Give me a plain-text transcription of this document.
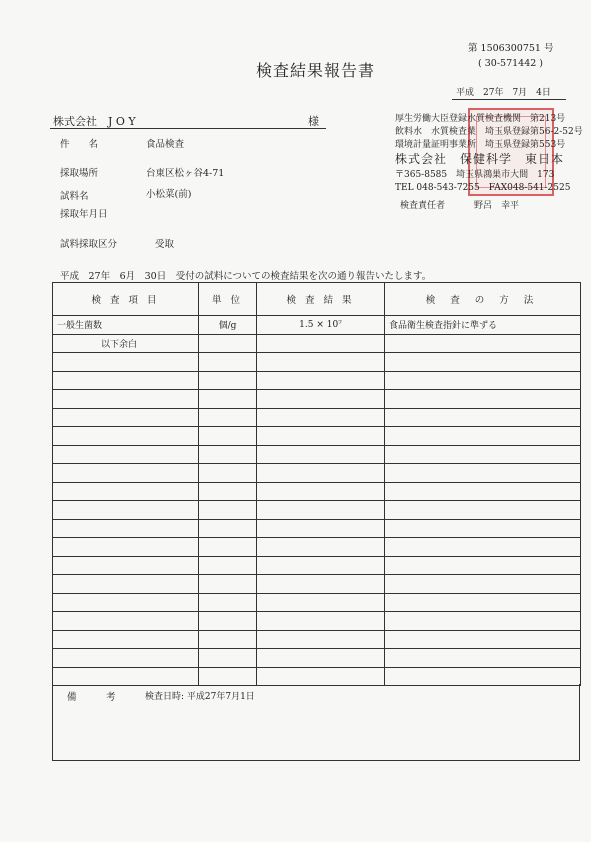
第 1506300751 号
( 30-571442 )
検査結果報告書
平成　27年　7月　4日
株式会社　J O Y	様
件　　名	食品検査
採取場所	台東区松ヶ谷4-71
試料名	小松菜(前)
採取年月日
試料採取区分	受取
厚生労働大臣登録水質検査機関　第213号
飲料水　水質検査業　埼玉県登録第56-2-52号
環境計量証明事業所　埼玉県登録第553号
株式会社　保健科学　東日本
〒365-8585　埼玉県鴻巣市大間　173
TEL 048-543-7255　FAX048-541-2525
検査責任者	野呂　幸平
平成　27年　6月　30日　受付の試料についての検査結果を次の通り報告いたします。
検 査 項 目	単 位	検 査 結 果	検 査 の 方 法
一般生菌数	個/g	1.5 × 10⁷	食品衛生検査指針に準ずる
以下余白			

備　考 検査日時: 平成27年7月1日
